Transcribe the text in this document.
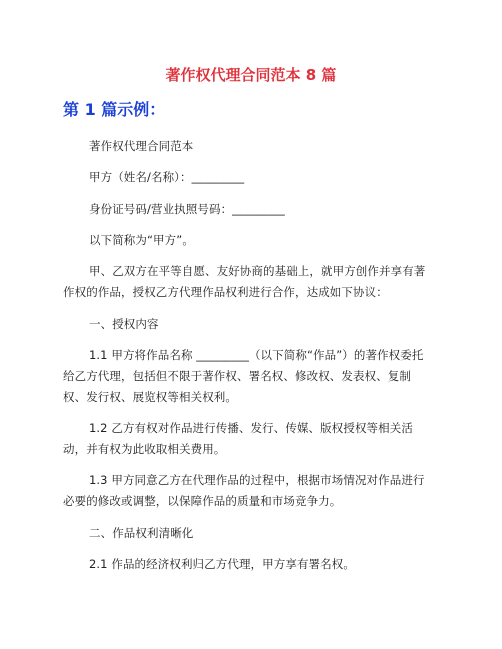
著作权代理合同范本 8 篇
第 1 篇示例：

著作权代理合同范本

甲方（姓名/名称）：_________

身份证号码/营业执照号码：_________

以下简称为“甲方”。

甲、乙双方在平等自愿、友好协商的基础上，就甲方创作并享有著作权的作品，授权乙方代理作品权利进行合作，达成如下协议：

一、授权内容

1.1 甲方将作品名称 _________（以下简称“作品”）的著作权委托给乙方代理，包括但不限于著作权、署名权、修改权、发表权、复制权、发行权、展览权等相关权利。

1.2 乙方有权对作品进行传播、发行、传媒、版权授权等相关活动，并有权为此收取相关费用。

1.3 甲方同意乙方在代理作品的过程中，根据市场情况对作品进行必要的修改或调整，以保障作品的质量和市场竞争力。

二、作品权利清晰化

2.1 作品的经济权利归乙方代理，甲方享有署名权。
